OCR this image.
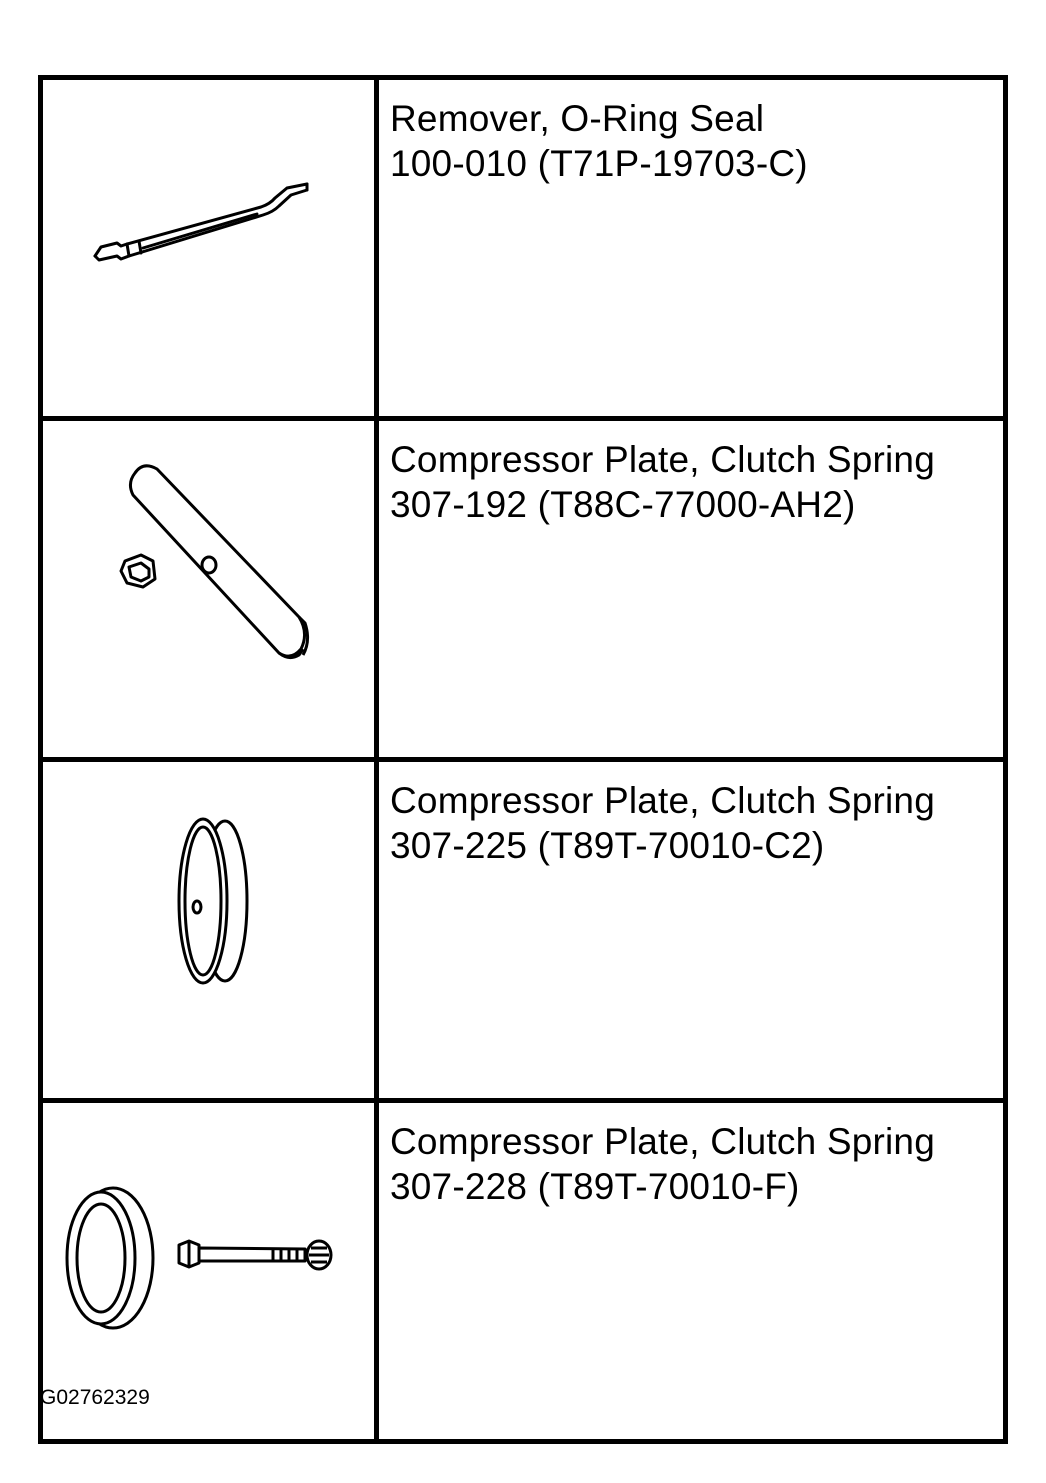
Remover, O-Ring Seal
100-010 (T71P-19703-C)

Compressor Plate, Clutch Spring
307-192 (T88C-77000-AH2)

Compressor Plate, Clutch Spring
307-225 (T89T-70010-C2)

Compressor Plate, Clutch Spring
307-228 (T89T-70010-F)
G02762329
